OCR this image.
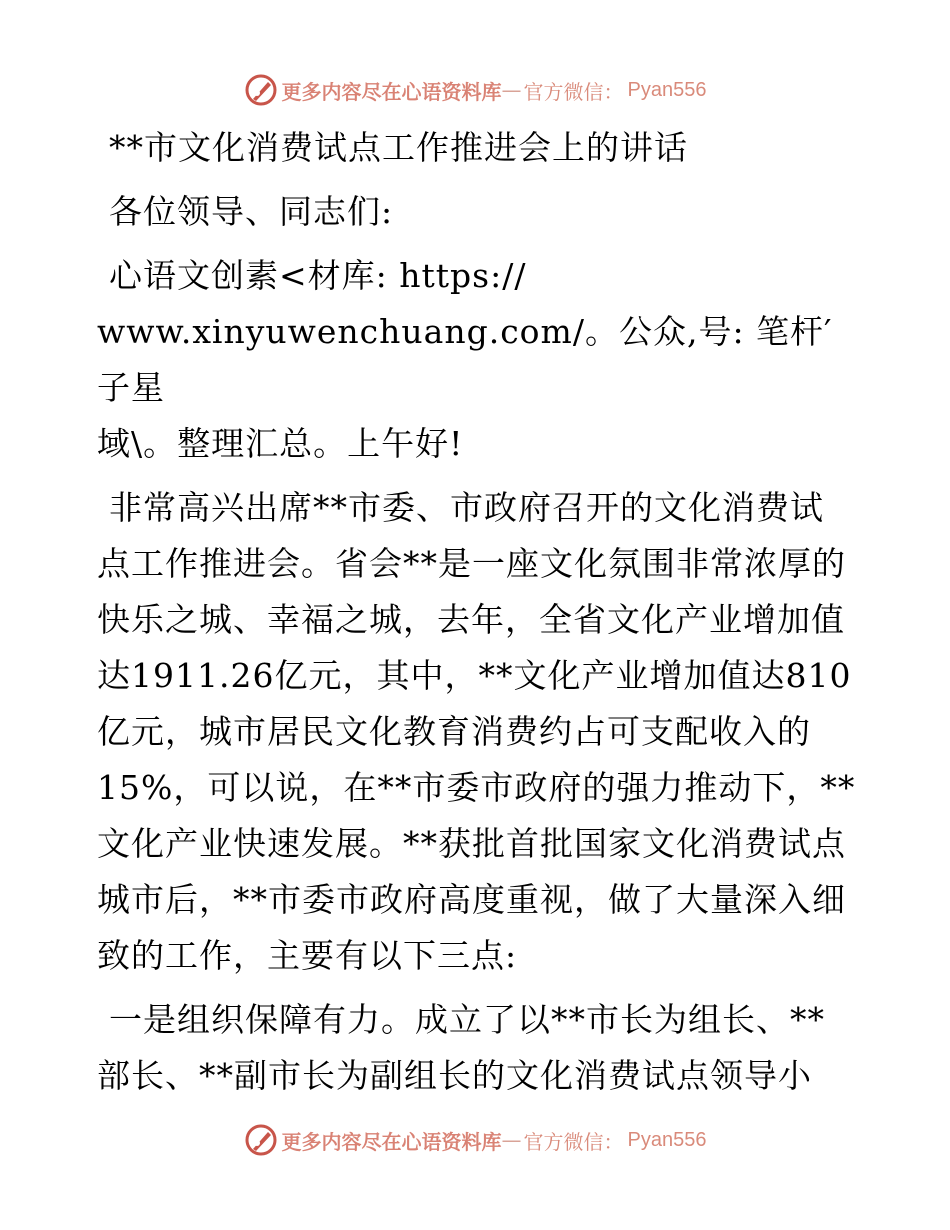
更多内容尽在心语资料库 — 官方微信： Pyan556

**市文化消费试点工作推进会上的讲话

各位领导、同志们:

心语文创素<材库: https://
www.xinyuwenchuang.com/。公众,号: 笔杆′子星
域\。整理汇总。上午好!

非常高兴出席**市委、市政府召开的文化消费试点工作推进会。省会**是一座文化氛围非常浓厚的快乐之城、幸福之城，去年，全省文化产业增加值达1911.26亿元，其中，**文化产业增加值达810亿元，城市居民文化教育消费约占可支配收入的15%，可以说，在**市委市政府的强力推动下，**文化产业快速发展。**获批首批国家文化消费试点城市后，**市委市政府高度重视，做了大量深入细致的工作，主要有以下三点:

一是组织保障有力。成立了以**市长为组长、**部长、**副市长为副组长的文化消费试点领导小

更多内容尽在心语资料库 — 官方微信： Pyan556
